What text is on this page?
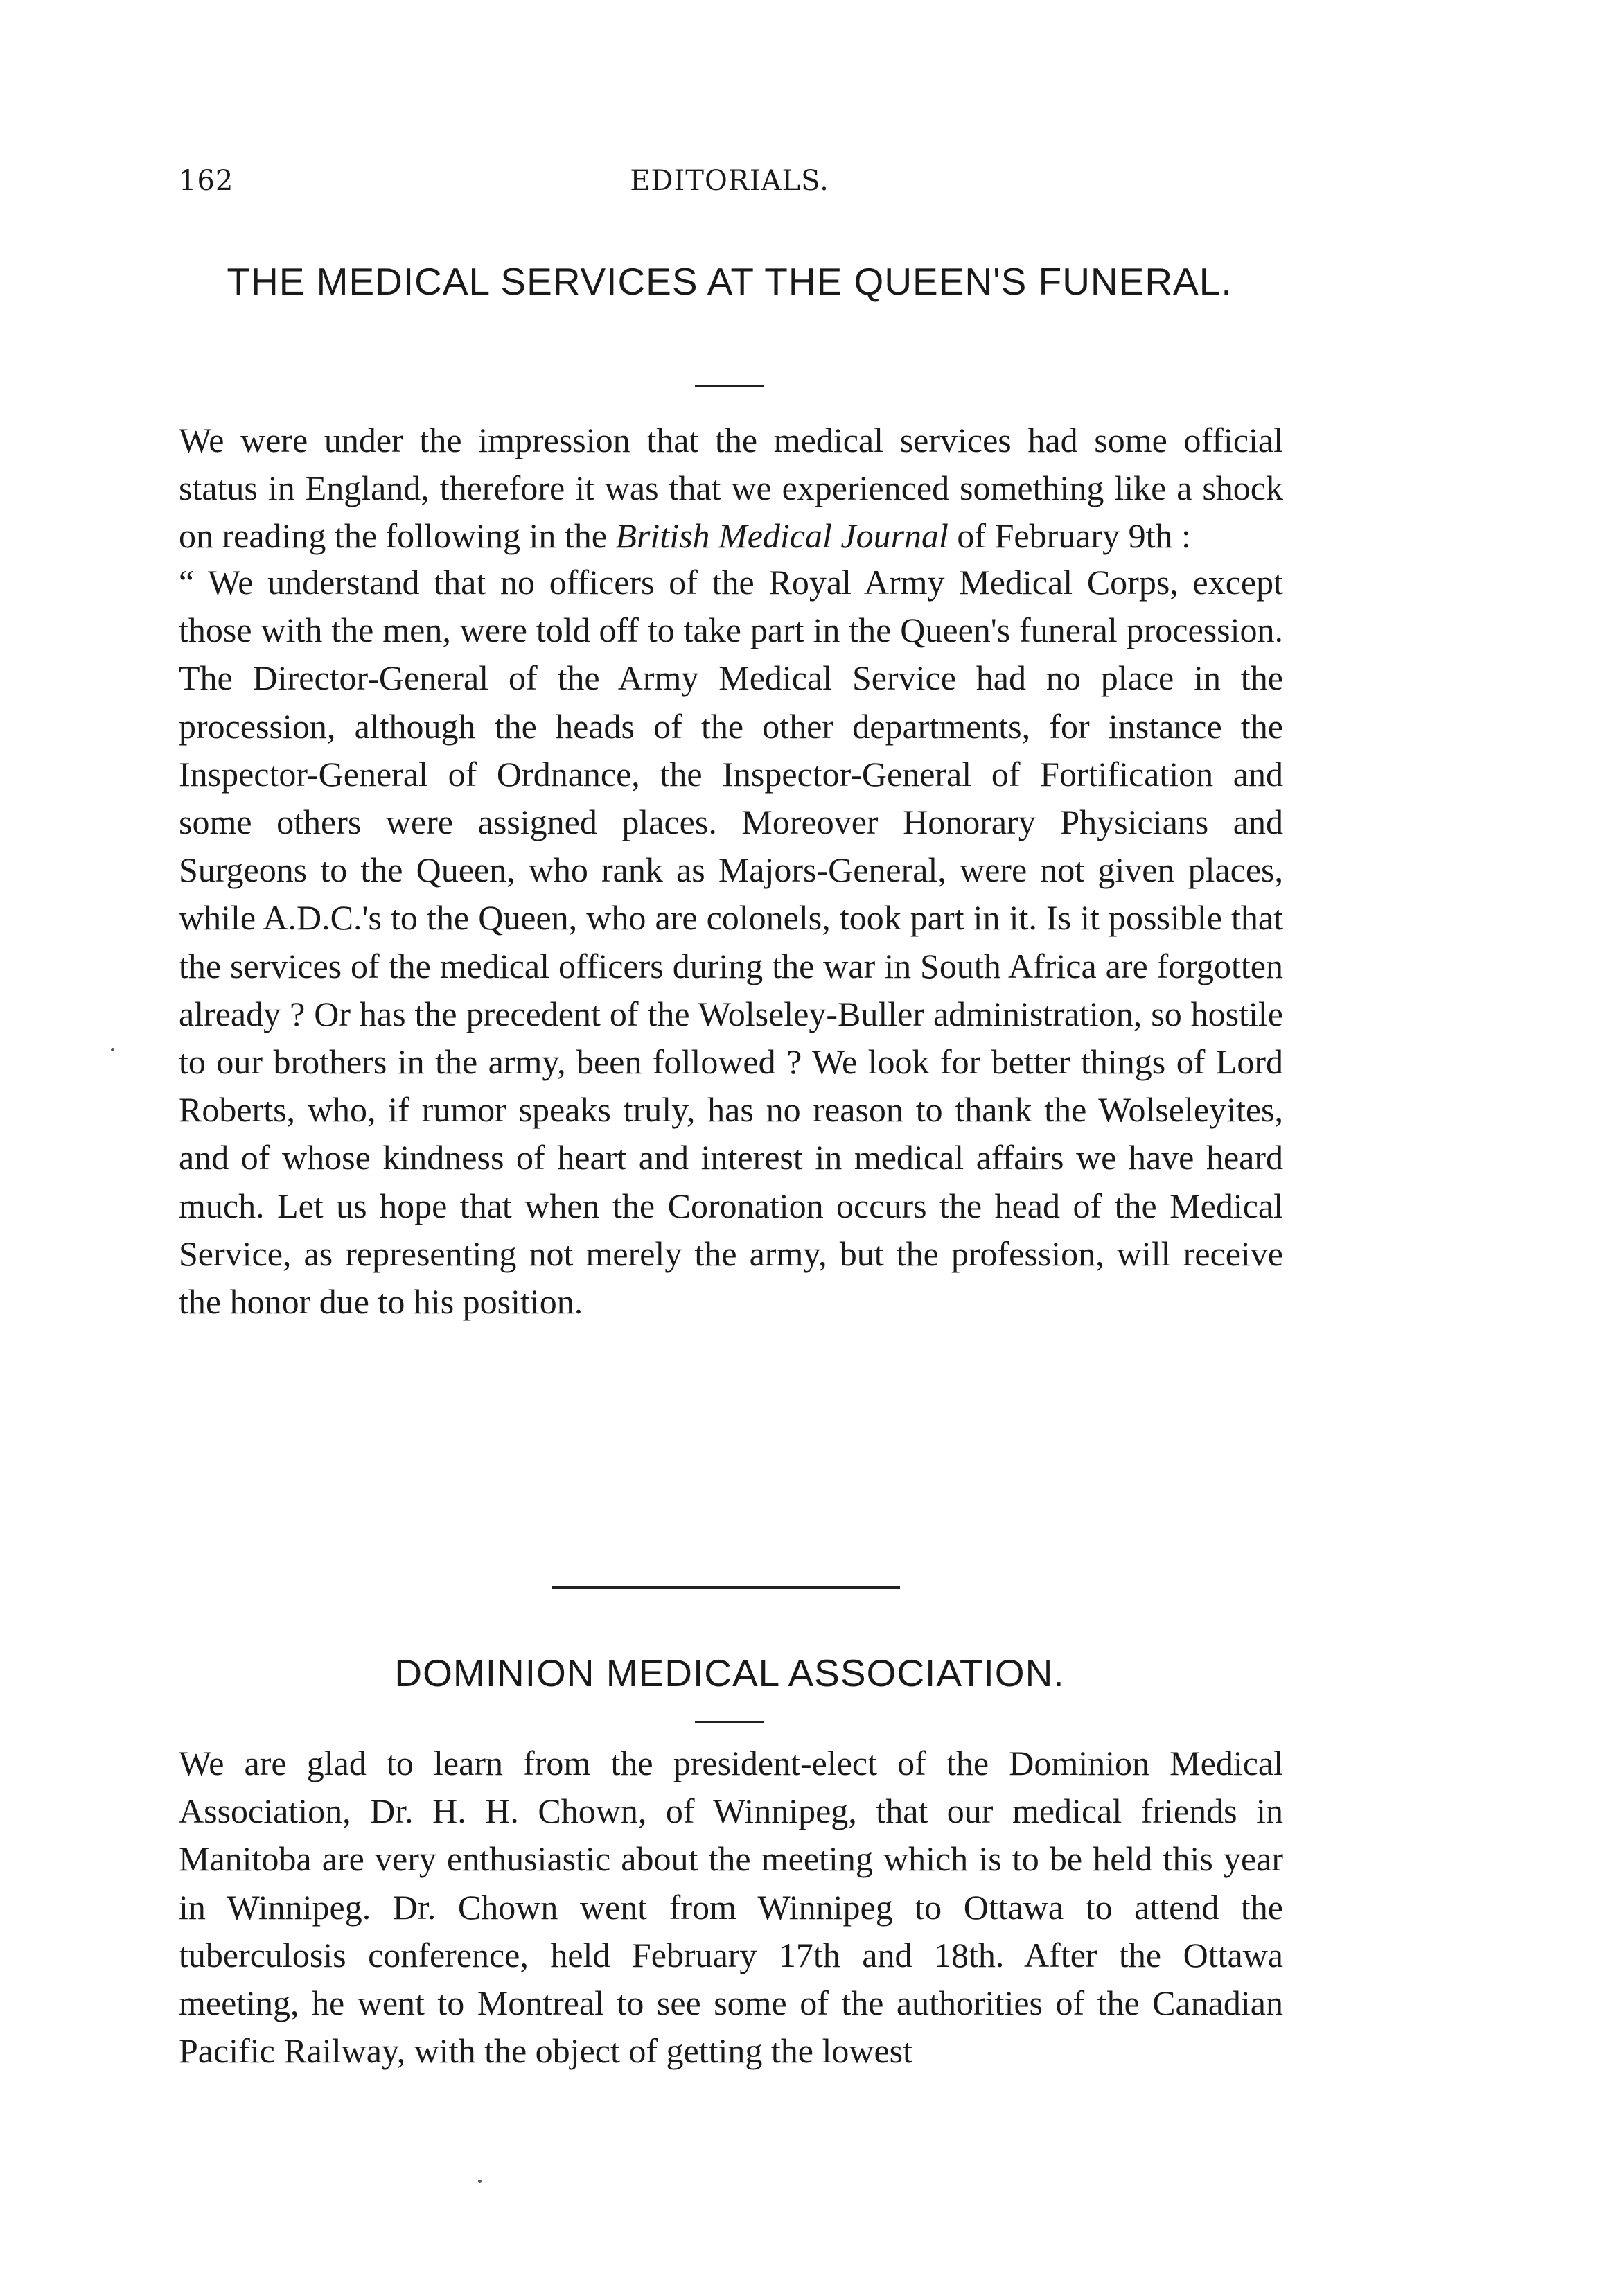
162	EDITORIALS.
THE MEDICAL SERVICES AT THE QUEEN'S FUNERAL.

We were under the impression that the medical services had some official status in England, therefore it was that we experienced something like a shock on reading the following in the British Medical Journal of February 9th :

“ We understand that no officers of the Royal Army Medical Corps, except those with the men, were told off to take part in the Queen's funeral procession. The Director-General of the Army Medical Service had no place in the procession, although the heads of the other departments, for instance the Inspector-General of Ordnance, the Inspector-General of Fortification and some others were assigned places. Moreover Honorary Physicians and Surgeons to the Queen, who rank as Majors-General, were not given places, while A.D.C.'s to the Queen, who are colonels, took part in it. Is it possible that the services of the medical officers during the war in South Africa are forgotten already ? Or has the precedent of the Wolseley-Buller administration, so hostile to our brothers in the army, been followed ? We look for better things of Lord Roberts, who, if rumor speaks truly, has no reason to thank the Wolseleyites, and of whose kindness of heart and interest in medical affairs we have heard much. Let us hope that when the Coronation occurs the head of the Medical Service, as representing not merely the army, but the profession, will receive the honor due to his position.

DOMINION MEDICAL ASSOCIATION.

We are glad to learn from the president-elect of the Dominion Medical Association, Dr. H. H. Chown, of Winnipeg, that our medical friends in Manitoba are very enthusiastic about the meeting which is to be held this year in Winnipeg. Dr. Chown went from Winnipeg to Ottawa to attend the tuberculosis conference, held February 17th and 18th. After the Ottawa meeting, he went to Montreal to see some of the authorities of the Canadian Pacific Railway, with the object of getting the lowest
